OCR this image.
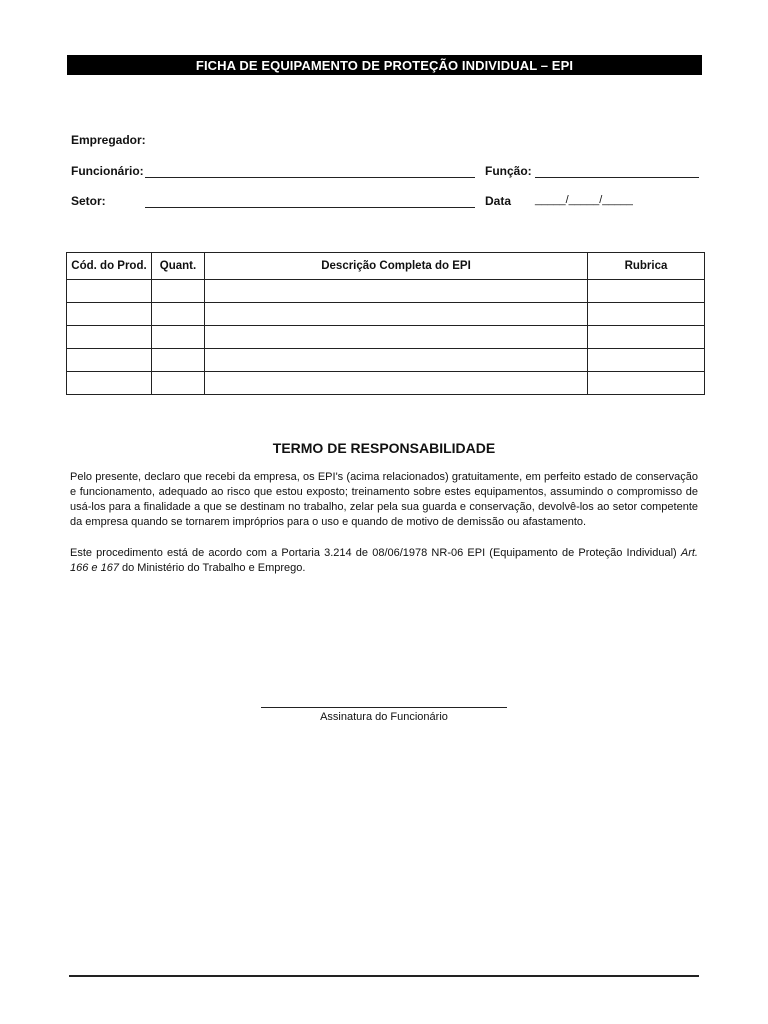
FICHA DE EQUIPAMENTO DE PROTEÇÃO INDIVIDUAL – EPI
Empregador:
Funcionário:	Função:
Setor:	Data _____/_____/_____
Cód. do Prod.	Quant.	Descrição Completa do EPI	Rubrica

TERMO DE RESPONSABILIDADE

Pelo presente, declaro que recebi da empresa, os EPI's (acima relacionados) gratuitamente, em perfeito estado de conservação e funcionamento, adequado ao risco que estou exposto; treinamento sobre estes equipamentos, assumindo o compromisso de usá-los para a finalidade a que se destinam no trabalho, zelar pela sua guarda e conservação, devolvê-los ao setor competente da empresa quando se tornarem impróprios para o uso e quando de motivo de demissão ou afastamento.

Este procedimento está de acordo com a Portaria 3.214 de 08/06/1978 NR-06 EPI (Equipamento de Proteção Individual) Art. 166 e 167 do Ministério do Trabalho e Emprego.

Assinatura do Funcionário
